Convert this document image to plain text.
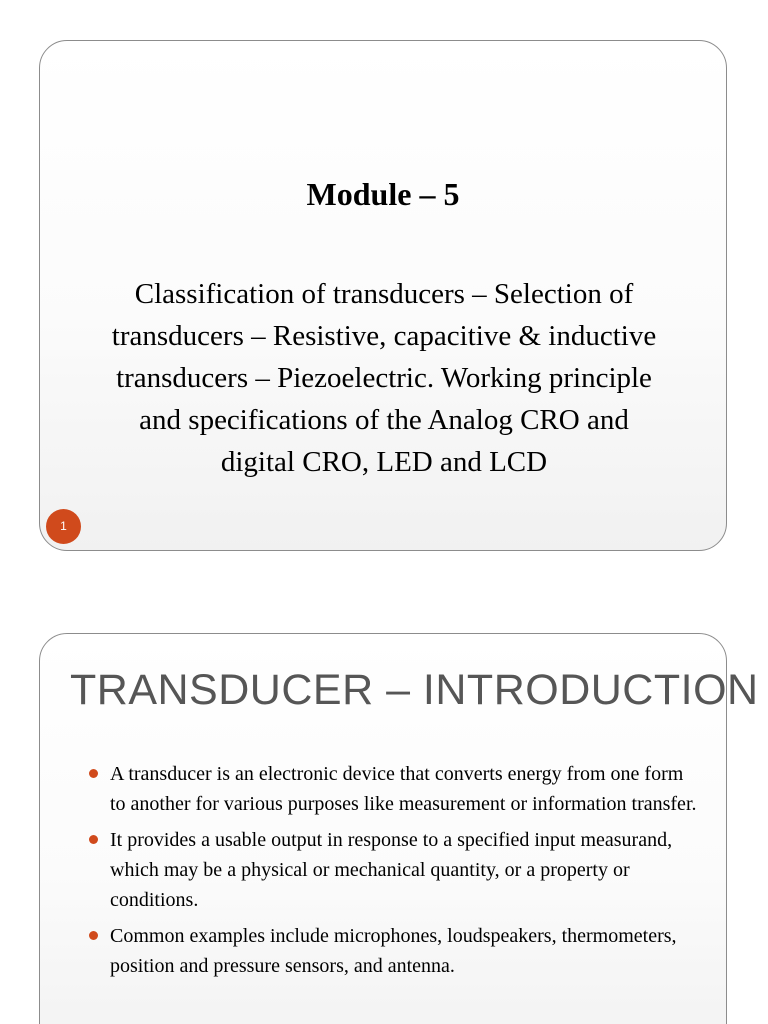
Module – 5

Classification of transducers – Selection of transducers – Resistive, capacitive & inductive transducers – Piezoelectric. Working principle and specifications of the Analog CRO and digital CRO, LED and LCD

1
TRANSDUCER – INTRODUCTION
A transducer is an electronic device that converts energy from one form to another for various purposes like measurement or information transfer.
It provides a usable output in response to a specified input measurand, which may be a physical or mechanical quantity, or a property or conditions.
Common examples include microphones, loudspeakers, thermometers, position and pressure sensors, and antenna.
